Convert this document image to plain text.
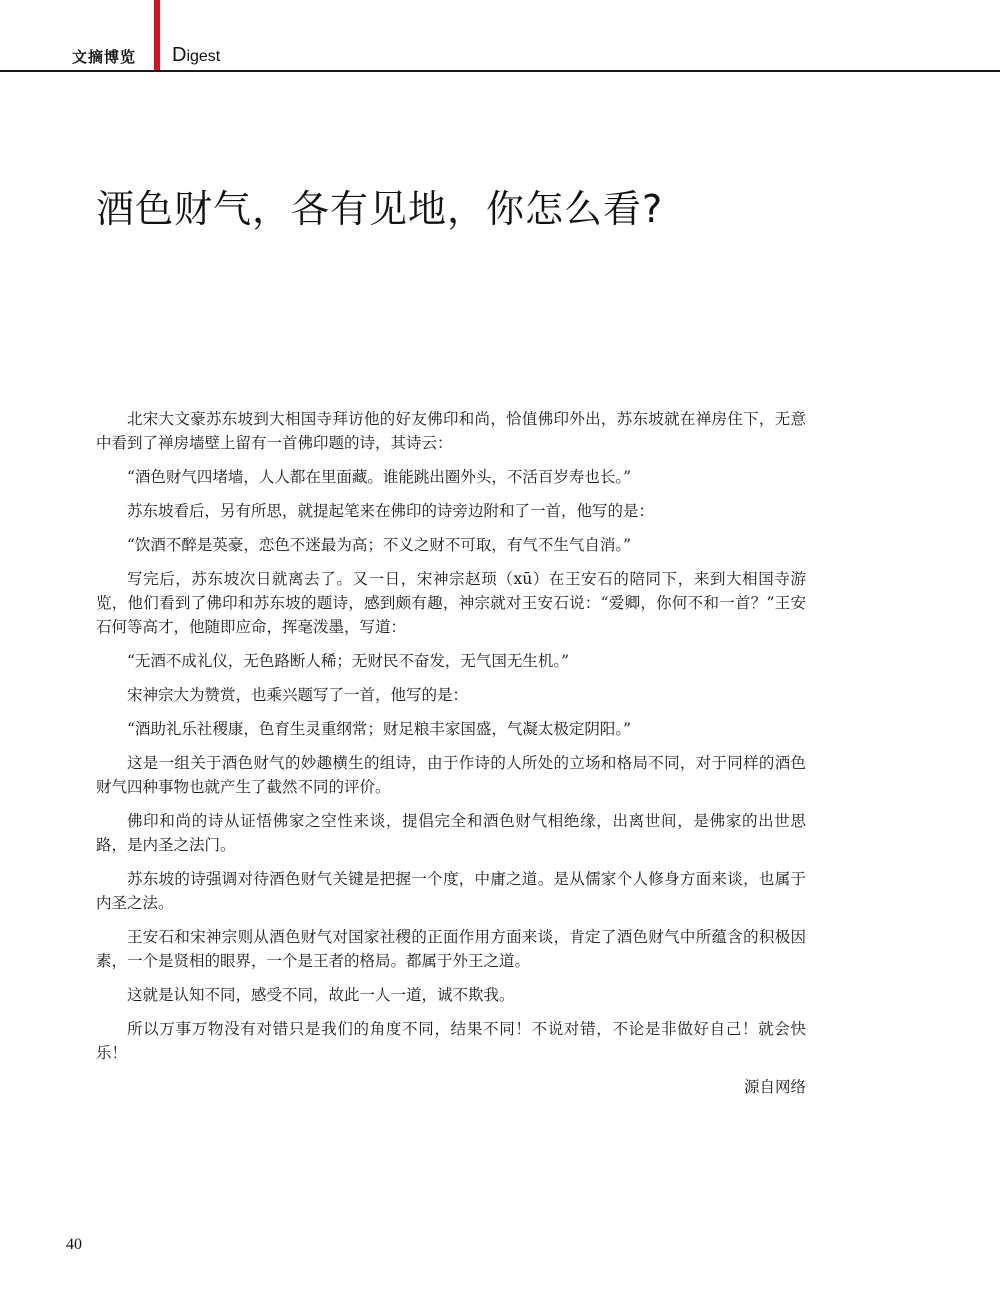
文摘博览 Digest
酒色财气，各有见地，你怎么看?

北宋大文豪苏东坡到大相国寺拜访他的好友佛印和尚，恰值佛印外出，苏东坡就在禅房住下，无意中看到了禅房墙壁上留有一首佛印题的诗，其诗云：

“酒色财气四堵墙，人人都在里面藏。谁能跳出圈外头，不活百岁寿也长。”

苏东坡看后，另有所思，就提起笔来在佛印的诗旁边附和了一首，他写的是：

“饮酒不醉是英豪，恋色不迷最为高；不义之财不可取，有气不生气自消。”

写完后，苏东坡次日就离去了。又一日，宋神宗赵顼（xū）在王安石的陪同下，来到大相国寺游览，他们看到了佛印和苏东坡的题诗，感到颇有趣，神宗就对王安石说：“爱卿，你何不和一首？”王安石何等高才，他随即应命，挥毫泼墨，写道：

“无酒不成礼仪，无色路断人稀；无财民不奋发，无气国无生机。”

宋神宗大为赞赏，也乘兴题写了一首，他写的是：

“酒助礼乐社稷康，色育生灵重纲常；财足粮丰家国盛，气凝太极定阴阳。”

这是一组关于酒色财气的妙趣横生的组诗，由于作诗的人所处的立场和格局不同，对于同样的酒色财气四种事物也就产生了截然不同的评价。

佛印和尚的诗从证悟佛家之空性来谈，提倡完全和酒色财气相绝缘，出离世间，是佛家的出世思路，是内圣之法门。

苏东坡的诗强调对待酒色财气关键是把握一个度，中庸之道。是从儒家个人修身方面来谈，也属于内圣之法。

王安石和宋神宗则从酒色财气对国家社稷的正面作用方面来谈，肯定了酒色财气中所蕴含的积极因素，一个是贤相的眼界，一个是王者的格局。都属于外王之道。

这就是认知不同，感受不同，故此一人一道，诚不欺我。

所以万事万物没有对错只是我们的角度不同，结果不同！不说对错，不论是非做好自己！就会快乐！

源自网络

40
